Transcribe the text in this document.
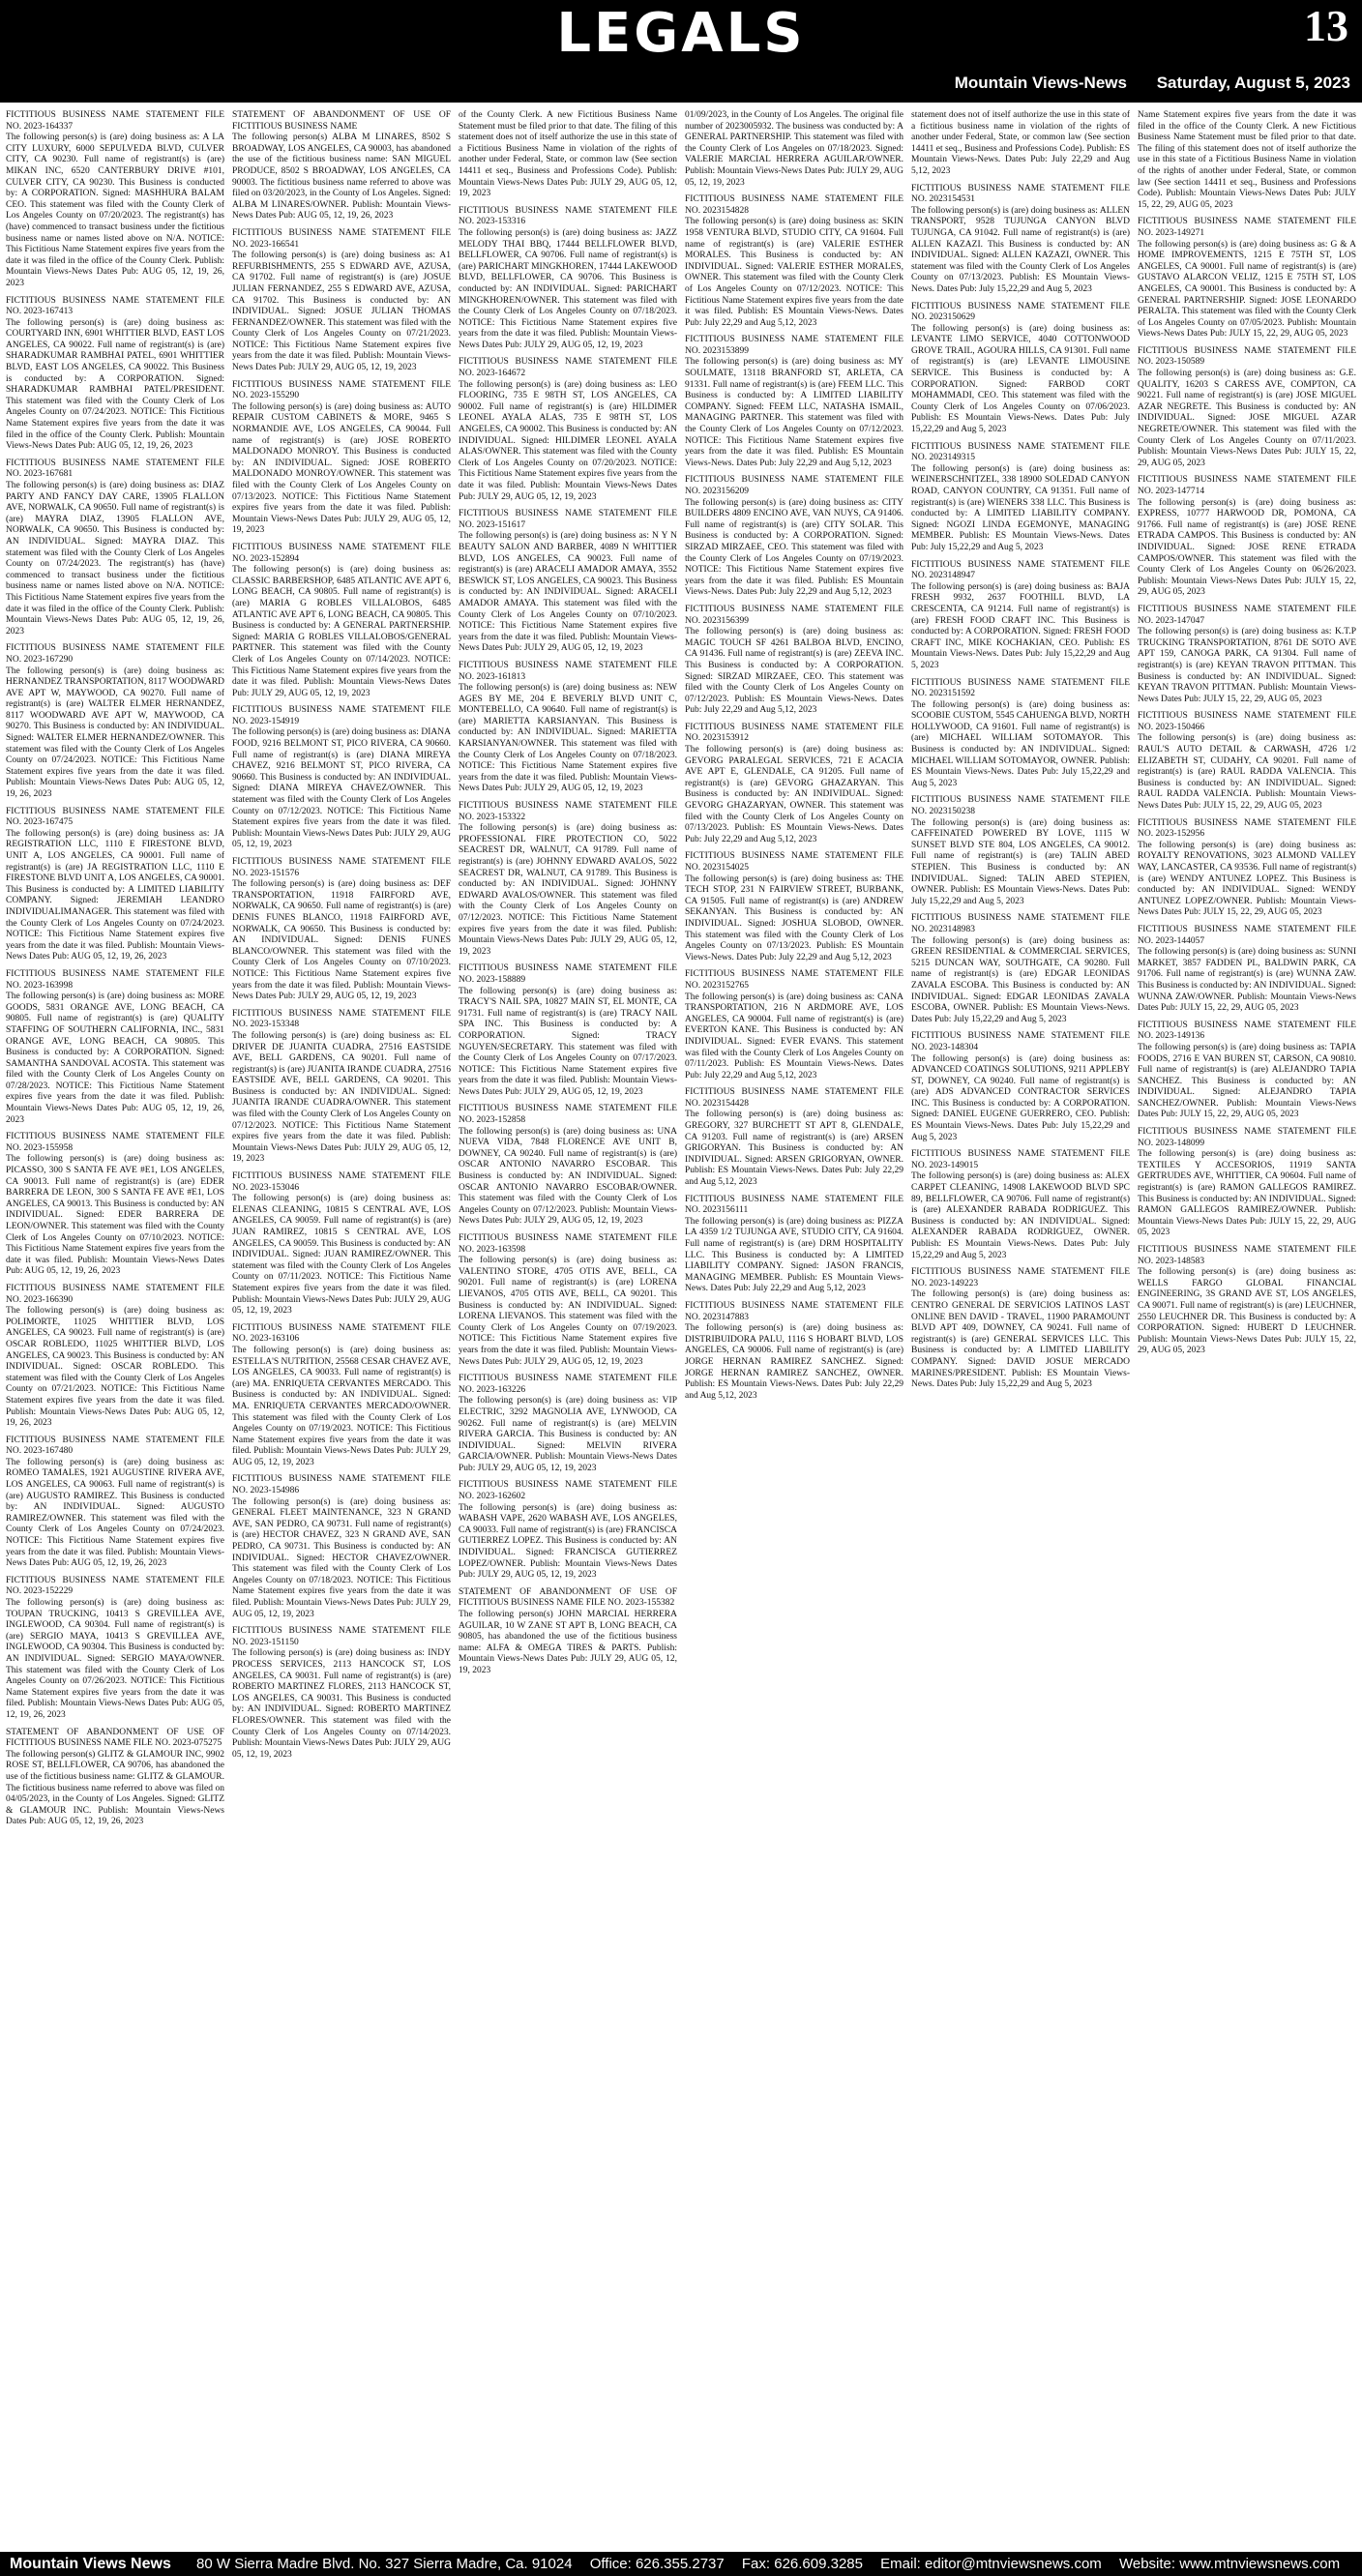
LEGALS	13
Mountain Views-News Saturday, August 5, 2023
FICTITIOUS BUSINESS NAME STATEMENT FILE NO. 2023-164337
The following person(s) is (are) doing business as: A LA CITY LUXURY, 6000 SEPULVEDA BLVD, CULVER CITY, CA 90230. Full name of registrant(s) is (are) MIKAN INC, 6520 CANTERBURY DRIVE #101, CULVER CITY, CA 90230. This Business is conducted by: A CORPORATION. Signed: MASHHURA BALAM CEO. This statement was filed with the County Clerk of Los Angeles County on 07/20/2023. The registrant(s) has (have) commenced to transact business under the fictitious business name or names listed above on N/A. NOTICE: This Fictitious Name Statement expires five years from the date it was filed in the office of the County Clerk. Publish: Mountain Views-News Dates Pub: AUG 05, 12, 19, 26, 2023
FICTITIOUS BUSINESS NAME STATEMENT FILE NO. 2023-167413
The following person(s) is (are) doing business as: COURTYARD INN, 6901 WHITTIER BLVD, EAST LOS ANGELES, CA 90022. Full name of registrant(s) is (are) SHARADKUMAR RAMBHAI PATEL, 6901 WHITTIER BLVD, EAST LOS ANGELES, CA 90022. This Business is conducted by: A CORPORATION. Signed: SHARADKUMAR RAMBHAI PATEL/PRESIDENT. This statement was filed with the County Clerk of Los Angeles County on 07/24/2023. NOTICE: This Fictitious Name Statement expires five years from the date it was filed in the office of the County Clerk. Publish: Mountain Views-News Dates Pub: AUG 05, 12, 19, 26, 2023
FICTITIOUS BUSINESS NAME STATEMENT FILE NO. 2023-167681
The following person(s) is (are) doing business as: DIAZ PARTY AND FANCY DAY CARE, 13905 FLALLON AVE, NORWALK, CA 90650. Full name of registrant(s) is (are) MAYRA DIAZ, 13905 FLALLON AVE, NORWALK, CA 90650. This Business is conducted by: AN INDIVIDUAL. Signed: MAYRA DIAZ. This statement was filed with the County Clerk of Los Angeles County on 07/24/2023. The registrant(s) has (have) commenced to transact business under the fictitious business name or names listed above on N/A. NOTICE: This Fictitious Name Statement expires five years from the date it was filed in the office of the County Clerk. Publish: Mountain Views-News Dates Pub: AUG 05, 12, 19, 26, 2023
FICTITIOUS BUSINESS NAME STATEMENT FILE NO. 2023-167290
The following person(s) is (are) doing business as: HERNANDEZ TRANSPORTATION, 8117 WOODWARD AVE APT W, MAYWOOD, CA 90270. Full name of registrant(s) is (are) WALTER ELMER HERNANDEZ, 8117 WOODWARD AVE APT W, MAYWOOD, CA 90270. This Business is conducted by: AN INDIVIDUAL. Signed: WALTER ELMER HERNANDEZ/OWNER. This statement was filed with the County Clerk of Los Angeles County on 07/24/2023. NOTICE: This Fictitious Name Statement expires five years from the date it was filed. Publish: Mountain Views-News Dates Pub: AUG 05, 12, 19, 26, 2023
FICTITIOUS BUSINESS NAME STATEMENT FILE NO. 2023-167475
The following person(s) is (are) doing business as: JA REGISTRATION LLC, 1110 E FIRESTONE BLVD, UNIT A, LOS ANGELES, CA 90001. Full name of registrant(s) is (are) JA REGISTRATION LLC, 1110 E FIRESTONE BLVD UNIT A, LOS ANGELES, CA 90001. This Business is conducted by: A LIMITED LIABILITY COMPANY. Signed: JEREMIAH LEANDRO INDIVIDUALIMANAGER. This statement was filed with the County Clerk of Los Angeles County on 07/24/2023. NOTICE: This Fictitious Name Statement expires five years from the date it was filed. Publish: Mountain Views-News Dates Pub: AUG 05, 12, 19, 26, 2023
FICTITIOUS BUSINESS NAME STATEMENT FILE NO. 2023-163998
The following person(s) is (are) doing business as: MORE GOODS, 5831 ORANGE AVE, LONG BEACH, CA 90805. Full name of registrant(s) is (are) QUALITY STAFFING OF SOUTHERN CALIFORNIA, INC., 5831 ORANGE AVE, LONG BEACH, CA 90805. This Business is conducted by: A CORPORATION. Signed: SAMANTHA SANDOVAL ACOSTA. This statement was filed with the County Clerk of Los Angeles County on 07/28/2023. NOTICE: This Fictitious Name Statement expires five years from the date it was filed. Publish: Mountain Views-News Dates Pub: AUG 05, 12, 19, 26, 2023
FICTITIOUS BUSINESS NAME STATEMENT FILE NO. 2023-155958
The following person(s) is (are) doing business as: PICASSO, 300 S SANTA FE AVE #E1, LOS ANGELES, CA 90013. Full name of registrant(s) is (are) EDER BARRERA DE LEON, 300 S SANTA FE AVE #E1, LOS ANGELES, CA 90013. This Business is conducted by: AN INDIVIDUAL. Signed: EDER BARRERA DE LEON/OWNER. This statement was filed with the County Clerk of Los Angeles County on 07/10/2023. NOTICE: This Fictitious Name Statement expires five years from the date it was filed. Publish: Mountain Views-News Dates Pub: AUG 05, 12, 19, 26, 2023
FICTITIOUS BUSINESS NAME STATEMENT FILE NO. 2023-166390
The following person(s) is (are) doing business as: POLIMORTE, 11025 WHITTIER BLVD, LOS ANGELES, CA 90023. Full name of registrant(s) is (are) OSCAR ROBLEDO, 11025 WHITTIER BLVD, LOS ANGELES, CA 90023. This Business is conducted by: AN INDIVIDUAL. Signed: OSCAR ROBLEDO. This statement was filed with the County Clerk of Los Angeles County on 07/21/2023. NOTICE: This Fictitious Name Statement expires five years from the date it was filed. Publish: Mountain Views-News Dates Pub: AUG 05, 12, 19, 26, 2023
FICTITIOUS BUSINESS NAME STATEMENT FILE NO. 2023-167480
The following person(s) is (are) doing business as: ROMEO TAMALES, 1921 AUGUSTINE RIVERA AVE, LOS ANGELES, CA 90063. Full name of registrant(s) is (are) AUGUSTO RAMIREZ. This Business is conducted by: AN INDIVIDUAL. Signed: AUGUSTO RAMIREZ/OWNER. This statement was filed with the County Clerk of Los Angeles County on 07/24/2023. NOTICE: This Fictitious Name Statement expires five years from the date it was filed. Publish: Mountain Views-News Dates Pub: AUG 05, 12, 19, 26, 2023
FICTITIOUS BUSINESS NAME STATEMENT FILE NO. 2023-152229
The following person(s) is (are) doing business as: TOUPAN TRUCKING, 10413 S GREVILLEA AVE, INGLEWOOD, CA 90304. Full name of registrant(s) is (are) SERGIO MAYA, 10413 S GREVILLEA AVE, INGLEWOOD, CA 90304. This Business is conducted by: AN INDIVIDUAL. Signed: SERGIO MAYA/OWNER. This statement was filed with the County Clerk of Los Angeles County on 07/26/2023. NOTICE: This Fictitious Name Statement expires five years from the date it was filed. Publish: Mountain Views-News Dates Pub: AUG 05, 12, 19, 26, 2023
STATEMENT OF ABANDONMENT OF USE OF FICTITIOUS BUSINESS NAME FILE NO. 2023-075275
The following person(s) GLITZ & GLAMOUR INC, 9902 ROSE ST, BELLFLOWER, CA 90706, has abandoned the use of the fictitious business name: GLITZ & GLAMOUR. The fictitious business name referred to above was filed on 04/05/2023, in the County of Los Angeles. Signed: GLITZ & GLAMOUR INC. Publish: Mountain Views-News Dates Pub: AUG 05, 12, 19, 26, 2023
STATEMENT OF ABANDONMENT OF USE OF FICTITIOUS BUSINESS NAME
The following person(s) ALBA M LINARES, 8502 S BROADWAY, LOS ANGELES, CA 90003, has abandoned the use of the fictitious business name: SAN MIGUEL PRODUCE, 8502 S BROADWAY, LOS ANGELES, CA 90003. The fictitious business name referred to above was filed on 03/20/2023, in the County of Los Angeles. Signed: ALBA M LINARES/OWNER. Publish: Mountain Views-News Dates Pub: AUG 05, 12, 19, 26, 2023
FICTITIOUS BUSINESS NAME STATEMENT FILE NO. 2023-166541
The following person(s) is (are) doing business as: A1 REFURBISHMENTS, 255 S EDWARD AVE, AZUSA, CA 91702. Full name of registrant(s) is (are) JOSUE JULIAN FERNANDEZ, 255 S EDWARD AVE, AZUSA, CA 91702. This Business is conducted by: AN INDIVIDUAL. Signed: JOSUE JULIAN THOMAS FERNANDEZ/OWNER. This statement was filed with the County Clerk of Los Angeles County on 07/21/2023. NOTICE: This Fictitious Name Statement expires five years from the date it was filed. Publish: Mountain Views-News Dates Pub: JULY 29, AUG 05, 12, 19, 2023
FICTITIOUS BUSINESS NAME STATEMENT FILE NO. 2023-155290
The following person(s) is (are) doing business as: AUTO REPAIR CUSTOM CABINETS & MORE, 9465 S NORMANDIE AVE, LOS ANGELES, CA 90044. Full name of registrant(s) is (are) JOSE ROBERTO MALDONADO MONROY. This Business is conducted by: AN INDIVIDUAL. Signed: JOSE ROBERTO MALDONADO MONROY/OWNER. This statement was filed with the County Clerk of Los Angeles County on 07/13/2023. NOTICE: This Fictitious Name Statement expires five years from the date it was filed. Publish: Mountain Views-News Dates Pub: JULY 29, AUG 05, 12, 19, 2023
FICTITIOUS BUSINESS NAME STATEMENT FILE NO. 2023-152894
The following person(s) is (are) doing business as: CLASSIC BARBERSHOP, 6485 ATLANTIC AVE APT 6, LONG BEACH, CA 90805. Full name of registrant(s) is (are) MARIA G ROBLES VILLALOBOS, 6485 ATLANTIC AVE APT 6, LONG BEACH, CA 90805. This Business is conducted by: A GENERAL PARTNERSHIP. Signed: MARIA G ROBLES VILLALOBOS/GENERAL PARTNER. This statement was filed with the County Clerk of Los Angeles County on 07/14/2023. NOTICE: This Fictitious Name Statement expires five years from the date it was filed. Publish: Mountain Views-News Dates Pub: JULY 29, AUG 05, 12, 19, 2023
FICTITIOUS BUSINESS NAME STATEMENT FILE NO. 2023-154919
The following person(s) is (are) doing business as: DIANA FOOD, 9216 BELMONT ST, PICO RIVERA, CA 90660. Full name of registrant(s) is (are) DIANA MIREYA CHAVEZ, 9216 BELMONT ST, PICO RIVERA, CA 90660. This Business is conducted by: AN INDIVIDUAL. Signed: DIANA MIREYA CHAVEZ/OWNER. This statement was filed with the County Clerk of Los Angeles County on 07/12/2023. NOTICE: This Fictitious Name Statement expires five years from the date it was filed. Publish: Mountain Views-News Dates Pub: JULY 29, AUG 05, 12, 19, 2023
FICTITIOUS BUSINESS NAME STATEMENT FILE NO. 2023-151576
The following person(s) is (are) doing business as: DEF TRANSPORTATION, 11918 FAIRFORD AVE, NORWALK, CA 90650. Full name of registrant(s) is (are) DENIS FUNES BLANCO, 11918 FAIRFORD AVE, NORWALK, CA 90650. This Business is conducted by: AN INDIVIDUAL. Signed: DENIS FUNES BLANCO/OWNER. This statement was filed with the County Clerk of Los Angeles County on 07/10/2023. NOTICE: This Fictitious Name Statement expires five years from the date it was filed. Publish: Mountain Views-News Dates Pub: JULY 29, AUG 05, 12, 19, 2023
FICTITIOUS BUSINESS NAME STATEMENT FILE NO. 2023-153348
The following person(s) is (are) doing business as: EL DRIVER DE JUANITA CUADRA, 27516 EASTSIDE AVE, BELL GARDENS, CA 90201. Full name of registrant(s) is (are) JUANITA IRANDE CUADRA, 27516 EASTSIDE AVE, BELL GARDENS, CA 90201. This Business is conducted by: AN INDIVIDUAL. Signed: JUANITA IRANDE CUADRA/OWNER. This statement was filed with the County Clerk of Los Angeles County on 07/12/2023. NOTICE: This Fictitious Name Statement expires five years from the date it was filed. Publish: Mountain Views-News Dates Pub: JULY 29, AUG 05, 12, 19, 2023
FICTITIOUS BUSINESS NAME STATEMENT FILE NO. 2023-153046
The following person(s) is (are) doing business as: ELENAS CLEANING, 10815 S CENTRAL AVE, LOS ANGELES, CA 90059. Full name of registrant(s) is (are) JUAN RAMIREZ, 10815 S CENTRAL AVE, LOS ANGELES, CA 90059. This Business is conducted by: AN INDIVIDUAL. Signed: JUAN RAMIREZ/OWNER. This statement was filed with the County Clerk of Los Angeles County on 07/11/2023. NOTICE: This Fictitious Name Statement expires five years from the date it was filed. Publish: Mountain Views-News Dates Pub: JULY 29, AUG 05, 12, 19, 2023
FICTITIOUS BUSINESS NAME STATEMENT FILE NO. 2023-163106
The following person(s) is (are) doing business as: ESTELLA'S NUTRITION, 25568 CESAR CHAVEZ AVE, LOS ANGELES, CA 90033. Full name of registrant(s) is (are) MA. ENRIQUETA CERVANTES MERCADO. This Business is conducted by: AN INDIVIDUAL. Signed: MA. ENRIQUETA CERVANTES MERCADO/OWNER. This statement was filed with the County Clerk of Los Angeles County on 07/19/2023. NOTICE: This Fictitious Name Statement expires five years from the date it was filed. Publish: Mountain Views-News Dates Pub: JULY 29, AUG 05, 12, 19, 2023
FICTITIOUS BUSINESS NAME STATEMENT FILE NO. 2023-154986
The following person(s) is (are) doing business as: GENERAL FLEET MAINTENANCE, 323 N GRAND AVE, SAN PEDRO, CA 90731. Full name of registrant(s) is (are) HECTOR CHAVEZ, 323 N GRAND AVE, SAN PEDRO, CA 90731. This Business is conducted by: AN INDIVIDUAL. Signed: HECTOR CHAVEZ/OWNER. This statement was filed with the County Clerk of Los Angeles County on 07/18/2023. NOTICE: This Fictitious Name Statement expires five years from the date it was filed. Publish: Mountain Views-News Dates Pub: JULY 29, AUG 05, 12, 19, 2023
FICTITIOUS BUSINESS NAME STATEMENT FILE NO. 2023-151150
The following person(s) is (are) doing business as: INDY PROCESS SERVICES, 2113 HANCOCK ST, LOS ANGELES, CA 90031. Full name of registrant(s) is (are) ROBERTO MARTINEZ FLORES, 2113 HANCOCK ST, LOS ANGELES, CA 90031. This Business is conducted by: AN INDIVIDUAL. Signed: ROBERTO MARTINEZ FLORES/OWNER. This statement was filed with the County Clerk of Los Angeles County on 07/14/2023. Publish: Mountain Views-News Dates Pub: JULY 29, AUG 05, 12, 19, 2023
of the County Clerk. A new Fictitious Business Name Statement must be filed prior to that date. The filing of this statement does not of itself authorize the use in this state of a Fictitious Business Name in violation of the rights of another under Federal, State, or common law (See section 14411 et seq., Business and Professions Code). Publish: Mountain Views-News Dates Pub: JULY 29, AUG 05, 12, 19, 2023
FICTITIOUS BUSINESS NAME STATEMENT FILE NO. 2023-153316
The following person(s) is (are) doing business as: JAZZ MELODY THAI BBQ, 17444 BELLFLOWER BLVD, BELLFLOWER, CA 90706. Full name of registrant(s) is (are) PARICHART MINGKHOREN, 17444 LAKEWOOD BLVD, BELLFLOWER, CA 90706. This Business is conducted by: AN INDIVIDUAL. Signed: PARICHART MINGKHOREN/OWNER. This statement was filed with the County Clerk of Los Angeles County on 07/18/2023. NOTICE: This Fictitious Name Statement expires five years from the date it was filed. Publish: Mountain Views-News Dates Pub: JULY 29, AUG 05, 12, 19, 2023
FICTITIOUS BUSINESS NAME STATEMENT FILE NO. 2023-164672
The following person(s) is (are) doing business as: LEO FLOORING, 735 E 98TH ST, LOS ANGELES, CA 90002. Full name of registrant(s) is (are) HILDIMER LEONEL AYALA ALAS, 735 E 98TH ST, LOS ANGELES, CA 90002. This Business is conducted by: AN INDIVIDUAL. Signed: HILDIMER LEONEL AYALA ALAS/OWNER. This statement was filed with the County Clerk of Los Angeles County on 07/20/2023. NOTICE: This Fictitious Name Statement expires five years from the date it was filed. Publish: Mountain Views-News Dates Pub: JULY 29, AUG 05, 12, 19, 2023
FICTITIOUS BUSINESS NAME STATEMENT FILE NO. 2023-151617
The following person(s) is (are) doing business as: N Y N BEAUTY SALON AND BARBER, 4089 N WHITTIER BLVD, LOS ANGELES, CA 90023. Full name of registrant(s) is (are) ARACELI AMADOR AMAYA, 3552 BESWICK ST, LOS ANGELES, CA 90023. This Business is conducted by: AN INDIVIDUAL. Signed: ARACELI AMADOR AMAYA. This statement was filed with the County Clerk of Los Angeles County on 07/10/2023. NOTICE: This Fictitious Name Statement expires five years from the date it was filed. Publish: Mountain Views-News Dates Pub: JULY 29, AUG 05, 12, 19, 2023
FICTITIOUS BUSINESS NAME STATEMENT FILE NO. 2023-161813
The following person(s) is (are) doing business as: NEW AGES BY ME, 204 E BEVERLY BLVD UNIT C, MONTEBELLO, CA 90640. Full name of registrant(s) is (are) MARIETTA KARSIANYAN. This Business is conducted by: AN INDIVIDUAL. Signed: MARIETTA KARSIANYAN/OWNER. This statement was filed with the County Clerk of Los Angeles County on 07/18/2023. NOTICE: This Fictitious Name Statement expires five years from the date it was filed. Publish: Mountain Views-News Dates Pub: JULY 29, AUG 05, 12, 19, 2023
FICTITIOUS BUSINESS NAME STATEMENT FILE NO. 2023-153322
The following person(s) is (are) doing business as: PROFESSIONAL FIRE PROTECTION CO, 5022 SEACREST DR, WALNUT, CA 91789. Full name of registrant(s) is (are) JOHNNY EDWARD AVALOS, 5022 SEACREST DR, WALNUT, CA 91789. This Business is conducted by: AN INDIVIDUAL. Signed: JOHNNY EDWARD AVALOS/OWNER. This statement was filed with the County Clerk of Los Angeles County on 07/12/2023. NOTICE: This Fictitious Name Statement expires five years from the date it was filed. Publish: Mountain Views-News Dates Pub: JULY 29, AUG 05, 12, 19, 2023
FICTITIOUS BUSINESS NAME STATEMENT FILE NO. 2023-158889
The following person(s) is (are) doing business as: TRACY'S NAIL SPA, 10827 MAIN ST, EL MONTE, CA 91731. Full name of registrant(s) is (are) TRACY NAIL SPA INC. This Business is conducted by: A CORPORATION. Signed: TRACY NGUYEN/SECRETARY. This statement was filed with the County Clerk of Los Angeles County on 07/17/2023. NOTICE: This Fictitious Name Statement expires five years from the date it was filed. Publish: Mountain Views-News Dates Pub: JULY 29, AUG 05, 12, 19, 2023
FICTITIOUS BUSINESS NAME STATEMENT FILE NO. 2023-152858
The following person(s) is (are) doing business as: UNA NUEVA VIDA, 7848 FLORENCE AVE UNIT B, DOWNEY, CA 90240. Full name of registrant(s) is (are) OSCAR ANTONIO NAVARRO ESCOBAR. This Business is conducted by: AN INDIVIDUAL. Signed: OSCAR ANTONIO NAVARRO ESCOBAR/OWNER. This statement was filed with the County Clerk of Los Angeles County on 07/12/2023. Publish: Mountain Views-News Dates Pub: JULY 29, AUG 05, 12, 19, 2023
FICTITIOUS BUSINESS NAME STATEMENT FILE NO. 2023-163598
The following person(s) is (are) doing business as: VALENTINO STORE, 4705 OTIS AVE, BELL, CA 90201. Full name of registrant(s) is (are) LORENA LIEVANOS, 4705 OTIS AVE, BELL, CA 90201. This Business is conducted by: AN INDIVIDUAL. Signed: LORENA LIEVANOS. This statement was filed with the County Clerk of Los Angeles County on 07/19/2023. NOTICE: This Fictitious Name Statement expires five years from the date it was filed. Publish: Mountain Views-News Dates Pub: JULY 29, AUG 05, 12, 19, 2023
FICTITIOUS BUSINESS NAME STATEMENT FILE NO. 2023-163226
The following person(s) is (are) doing business as: VIP ELECTRIC, 3292 MAGNOLIA AVE, LYNWOOD, CA 90262. Full name of registrant(s) is (are) MELVIN RIVERA GARCIA. This Business is conducted by: AN INDIVIDUAL. Signed: MELVIN RIVERA GARCIA/OWNER. Publish: Mountain Views-News Dates Pub: JULY 29, AUG 05, 12, 19, 2023
FICTITIOUS BUSINESS NAME STATEMENT FILE NO. 2023-162602
The following person(s) is (are) doing business as: WABASH VAPE, 2620 WABASH AVE, LOS ANGELES, CA 90033. Full name of registrant(s) is (are) FRANCISCA GUTIERREZ LOPEZ. This Business is conducted by: AN INDIVIDUAL. Signed: FRANCISCA GUTIERREZ LOPEZ/OWNER. Publish: Mountain Views-News Dates Pub: JULY 29, AUG 05, 12, 19, 2023
STATEMENT OF ABANDONMENT OF USE OF FICTITIOUS BUSINESS NAME FILE NO. 2023-155382
The following person(s) JOHN MARCIAL HERRERA AGUILAR, 10 W ZANE ST APT B, LONG BEACH, CA 90805, has abandoned the use of the fictitious business name: ALFA & OMEGA TIRES & PARTS. Publish: Mountain Views-News Dates Pub: JULY 29, AUG 05, 12, 19, 2023
01/09/2023, in the County of Los Angeles. The original file number of 2023005932. The business was conducted by: A GENERAL PARTNERSHIP. This statement was filed with the County Clerk of Los Angeles on 07/18/2023. Signed: VALERIE MARCIAL HERRERA AGUILAR/OWNER. Publish: Mountain Views-News Dates Pub: JULY 29, AUG 05, 12, 19, 2023
FICTITIOUS BUSINESS NAME STATEMENT FILE NO. 2023154828
The following person(s) is (are) doing business as: SKIN 1958 VENTURA BLVD, STUDIO CITY, CA 91604. Full name of registrant(s) is (are) VALERIE ESTHER MORALES. This Business is conducted by: AN INDIVIDUAL. Signed: VALERIE ESTHER MORALES, OWNER. This statement was filed with the County Clerk of Los Angeles County on 07/12/2023. NOTICE: This Fictitious Name Statement expires five years from the date it was filed. Publish: ES Mountain Views-News. Dates Pub: July 22,29 and Aug 5,12, 2023
FICTITIOUS BUSINESS NAME STATEMENT FILE NO. 2023153899
The following person(s) is (are) doing business as: MY SOULMATE, 13118 BRANFORD ST, ARLETA, CA 91331. Full name of registrant(s) is (are) FEEM LLC. This Business is conducted by: A LIMITED LIABILITY COMPANY. Signed: FEEM LLC, NATASHA ISMAIL, MANAGING PARTNER. This statement was filed with the County Clerk of Los Angeles County on 07/12/2023. NOTICE: This Fictitious Name Statement expires five years from the date it was filed. Publish: ES Mountain Views-News. Dates Pub: July 22,29 and Aug 5,12, 2023
FICTITIOUS BUSINESS NAME STATEMENT FILE NO. 2023156209
The following person(s) is (are) doing business as: CITY BUILDERS 4809 ENCINO AVE, VAN NUYS, CA 91406. Full name of registrant(s) is (are) CITY SOLAR. This Business is conducted by: A CORPORATION. Signed: SIRZAD MIRZAEE, CEO. This statement was filed with the County Clerk of Los Angeles County on 07/19/2023. NOTICE: This Fictitious Name Statement expires five years from the date it was filed. Publish: ES Mountain Views-News. Dates Pub: July 22,29 and Aug 5,12, 2023
FICTITIOUS BUSINESS NAME STATEMENT FILE NO. 2023156399
The following person(s) is (are) doing business as: MAGIC TOUCH SF 4261 BALBOA BLVD, ENCINO, CA 91436. Full name of registrant(s) is (are) ZEEVA INC. This Business is conducted by: A CORPORATION. Signed: SIRZAD MIRZAEE, CEO. This statement was filed with the County Clerk of Los Angeles County on 07/12/2023. Publish: ES Mountain Views-News. Dates Pub: July 22,29 and Aug 5,12, 2023
FICTITIOUS BUSINESS NAME STATEMENT FILE NO. 2023153912
The following person(s) is (are) doing business as: GEVORG PARALEGAL SERVICES, 721 E ACACIA AVE APT E, GLENDALE, CA 91205. Full name of registrant(s) is (are) GEVORG GHAZARYAN. This Business is conducted by: AN INDIVIDUAL. Signed: GEVORG GHAZARYAN, OWNER. This statement was filed with the County Clerk of Los Angeles County on 07/13/2023. Publish: ES Mountain Views-News. Dates Pub: July 22,29 and Aug 5,12, 2023
FICTITIOUS BUSINESS NAME STATEMENT FILE NO. 2023154025
The following person(s) is (are) doing business as: THE TECH STOP, 231 N FAIRVIEW STREET, BURBANK, CA 91505. Full name of registrant(s) is (are) ANDREW SEKANYAN. This Business is conducted by: AN INDIVIDUAL. Signed: JOSHUA SLOBOD, OWNER. This statement was filed with the County Clerk of Los Angeles County on 07/13/2023. Publish: ES Mountain Views-News. Dates Pub: July 22,29 and Aug 5,12, 2023
FICTITIOUS BUSINESS NAME STATEMENT FILE NO. 2023152765
The following person(s) is (are) doing business as: CANA TRANSPORTATION, 216 N ARDMORE AVE, LOS ANGELES, CA 90004. Full name of registrant(s) is (are) EVERTON KANE. This Business is conducted by: AN INDIVIDUAL. Signed: EVER EVANS. This statement was filed with the County Clerk of Los Angeles County on 07/11/2023. Publish: ES Mountain Views-News. Dates Pub: July 22,29 and Aug 5,12, 2023
FICTITIOUS BUSINESS NAME STATEMENT FILE NO. 2023154428
The following person(s) is (are) doing business as: GREGORY, 327 BURCHETT ST APT 8, GLENDALE, CA 91203. Full name of registrant(s) is (are) ARSEN GRIGORYAN. This Business is conducted by: AN INDIVIDUAL. Signed: ARSEN GRIGORYAN, OWNER. Publish: ES Mountain Views-News. Dates Pub: July 22,29 and Aug 5,12, 2023
FICTITIOUS BUSINESS NAME STATEMENT FILE NO. 2023156111
The following person(s) is (are) doing business as: PIZZA LA 4359 1/2 TUJUNGA AVE, STUDIO CITY, CA 91604. Full name of registrant(s) is (are) DRM HOSPITALITY LLC. This Business is conducted by: A LIMITED LIABILITY COMPANY. Signed: JASON FRANCIS, MANAGING MEMBER. Publish: ES Mountain Views-News. Dates Pub: July 22,29 and Aug 5,12, 2023
FICTITIOUS BUSINESS NAME STATEMENT FILE NO. 2023147883
The following person(s) is (are) doing business as: DISTRIBUIDORA PALU, 1116 S HOBART BLVD, LOS ANGELES, CA 90006. Full name of registrant(s) is (are) JORGE HERNAN RAMIREZ SANCHEZ. Signed: JORGE HERNAN RAMIREZ SANCHEZ, OWNER. Publish: ES Mountain Views-News. Dates Pub: July 22,29 and Aug 5,12, 2023
statement does not of itself authorize the use in this state of a fictitious business name in violation of the rights of another under Federal, State, or common law (See section 14411 et seq., Business and Professions Code). Publish: ES Mountain Views-News. Dates Pub: July 22,29 and Aug 5,12, 2023
FICTITIOUS BUSINESS NAME STATEMENT FILE NO. 2023154531
The following person(s) is (are) doing business as: ALLEN TRANSPORT, 9528 TUJUNGA CANYON BLVD TUJUNGA, CA 91042. Full name of registrant(s) is (are) ALLEN KAZAZI. This Business is conducted by: AN INDIVIDUAL. Signed: ALLEN KAZAZI, OWNER. This statement was filed with the County Clerk of Los Angeles County on 07/13/2023. Publish: ES Mountain Views-News. Dates Pub: July 15,22,29 and Aug 5, 2023
FICTITIOUS BUSINESS NAME STATEMENT FILE NO. 2023150629
The following person(s) is (are) doing business as: LEVANTE LIMO SERVICE, 4040 COTTONWOOD GROVE TRAIL, AGOURA HILLS, CA 91301. Full name of registrant(s) is (are) LEVANTE LIMOUSINE SERVICE. This Business is conducted by: A CORPORATION. Signed: FARBOD CORT MOHAMMADI, CEO. This statement was filed with the County Clerk of Los Angeles County on 07/06/2023. Publish: ES Mountain Views-News. Dates Pub: July 15,22,29 and Aug 5, 2023
FICTITIOUS BUSINESS NAME STATEMENT FILE NO. 2023149315
The following person(s) is (are) doing business as: WEINERSCHNITZEL, 338 18900 SOLEDAD CANYON ROAD, CANYON COUNTRY, CA 91351. Full name of registrant(s) is (are) WIENERS 338 LLC. This Business is conducted by: A LIMITED LIABILITY COMPANY. Signed: NGOZI LINDA EGEMONYE, MANAGING MEMBER. Publish: ES Mountain Views-News. Dates Pub: July 15,22,29 and Aug 5, 2023
FICTITIOUS BUSINESS NAME STATEMENT FILE NO. 2023148947
The following person(s) is (are) doing business as: BAJA FRESH 9932, 2637 FOOTHILL BLVD, LA CRESCENTA, CA 91214. Full name of registrant(s) is (are) FRESH FOOD CRAFT INC. This Business is conducted by: A CORPORATION. Signed: FRESH FOOD CRAFT INC, MIKE KOCHAKIAN, CEO. Publish: ES Mountain Views-News. Dates Pub: July 15,22,29 and Aug 5, 2023
FICTITIOUS BUSINESS NAME STATEMENT FILE NO. 2023151592
The following person(s) is (are) doing business as: SCOOBIE CUSTOM, 5545 CAHUENGA BLVD, NORTH HOLLYWOOD, CA 91601. Full name of registrant(s) is (are) MICHAEL WILLIAM SOTOMAYOR. This Business is conducted by: AN INDIVIDUAL. Signed: MICHAEL WILLIAM SOTOMAYOR, OWNER. Publish: ES Mountain Views-News. Dates Pub: July 15,22,29 and Aug 5, 2023
FICTITIOUS BUSINESS NAME STATEMENT FILE NO. 2023150238
The following person(s) is (are) doing business as: CAFFEINATED POWERED BY LOVE, 1115 W SUNSET BLVD STE 804, LOS ANGELES, CA 90012. Full name of registrant(s) is (are) TALIN ABED STEPIEN. This Business is conducted by: AN INDIVIDUAL. Signed: TALIN ABED STEPIEN, OWNER. Publish: ES Mountain Views-News. Dates Pub: July 15,22,29 and Aug 5, 2023
FICTITIOUS BUSINESS NAME STATEMENT FILE NO. 2023148983
The following person(s) is (are) doing business as: GREEN RESIDENTIAL & COMMERCIAL SERVICES, 5215 DUNCAN WAY, SOUTHGATE, CA 90280. Full name of registrant(s) is (are) EDGAR LEONIDAS ZAVALA ESCOBA. This Business is conducted by: AN INDIVIDUAL. Signed: EDGAR LEONIDAS ZAVALA ESCOBA, OWNER. Publish: ES Mountain Views-News. Dates Pub: July 15,22,29 and Aug 5, 2023
FICTITIOUS BUSINESS NAME STATEMENT FILE NO. 2023-148304
The following person(s) is (are) doing business as: ADVANCED COATINGS SOLUTIONS, 9211 APPLEBY ST, DOWNEY, CA 90240. Full name of registrant(s) is (are) ADS ADVANCED CONTRACTOR SERVICES INC. This Business is conducted by: A CORPORATION. Signed: DANIEL EUGENE GUERRERO, CEO. Publish: ES Mountain Views-News. Dates Pub: July 15,22,29 and Aug 5, 2023
FICTITIOUS BUSINESS NAME STATEMENT FILE NO. 2023-149015
The following person(s) is (are) doing business as: ALEX CARPET CLEANING, 14908 LAKEWOOD BLVD SPC 89, BELLFLOWER, CA 90706. Full name of registrant(s) is (are) ALEXANDER RABADA RODRIGUEZ. This Business is conducted by: AN INDIVIDUAL. Signed: ALEXANDER RABADA RODRIGUEZ, OWNER. Publish: ES Mountain Views-News. Dates Pub: July 15,22,29 and Aug 5, 2023
FICTITIOUS BUSINESS NAME STATEMENT FILE NO. 2023-149223
The following person(s) is (are) doing business as: CENTRO GENERAL DE SERVICIOS LATINOS LAST ONLINE BEN DAVID - TRAVEL, 11900 PARAMOUNT BLVD APT 409, DOWNEY, CA 90241. Full name of registrant(s) is (are) GENERAL SERVICES LLC. This Business is conducted by: A LIMITED LIABILITY COMPANY. Signed: DAVID JOSUE MERCADO MARINES/PRESIDENT. Publish: ES Mountain Views-News. Dates Pub: July 15,22,29 and Aug 5, 2023
Name Statement expires five years from the date it was filed in the office of the County Clerk. A new Fictitious Business Name Statement must be filed prior to that date. The filing of this statement does not of itself authorize the use in this state of a Fictitious Business Name in violation of the rights of another under Federal, State, or common law (See section 14411 et seq., Business and Professions Code). Publish: Mountain Views-News Dates Pub: JULY 15, 22, 29, AUG 05, 2023
FICTITIOUS BUSINESS NAME STATEMENT FILE NO. 2023-149271
The following person(s) is (are) doing business as: G & A HOME IMPROVEMENTS, 1215 E 75TH ST, LOS ANGELES, CA 90001. Full name of registrant(s) is (are) GUSTAVO ALARCON VELIZ, 1215 E 75TH ST, LOS ANGELES, CA 90001. This Business is conducted by: A GENERAL PARTNERSHIP. Signed: JOSE LEONARDO PERALTA. This statement was filed with the County Clerk of Los Angeles County on 07/05/2023. Publish: Mountain Views-News Dates Pub: JULY 15, 22, 29, AUG 05, 2023
FICTITIOUS BUSINESS NAME STATEMENT FILE NO. 2023-150589
The following person(s) is (are) doing business as: G.E. QUALITY, 16203 S CARESS AVE, COMPTON, CA 90221. Full name of registrant(s) is (are) JOSE MIGUEL AZAR NEGRETE. This Business is conducted by: AN INDIVIDUAL. Signed: JOSE MIGUEL AZAR NEGRETE/OWNER. This statement was filed with the County Clerk of Los Angeles County on 07/11/2023. Publish: Mountain Views-News Dates Pub: JULY 15, 22, 29, AUG 05, 2023
FICTITIOUS BUSINESS NAME STATEMENT FILE NO. 2023-147714
The following person(s) is (are) doing business as: EXPRESS, 10777 HARWOOD DR, POMONA, CA 91766. Full name of registrant(s) is (are) JOSE RENE ETRADA CAMPOS. This Business is conducted by: AN INDIVIDUAL. Signed: JOSE RENE ETRADA CAMPOS/OWNER. This statement was filed with the County Clerk of Los Angeles County on 06/26/2023. Publish: Mountain Views-News Dates Pub: JULY 15, 22, 29, AUG 05, 2023
FICTITIOUS BUSINESS NAME STATEMENT FILE NO. 2023-147047
The following person(s) is (are) doing business as: K.T.P TRUCKING TRANSPORTATION, 8761 DE SOTO AVE APT 159, CANOGA PARK, CA 91304. Full name of registrant(s) is (are) KEYAN TRAVON PITTMAN. This Business is conducted by: AN INDIVIDUAL. Signed: KEYAN TRAVON PITTMAN. Publish: Mountain Views-News Dates Pub: JULY 15, 22, 29, AUG 05, 2023
FICTITIOUS BUSINESS NAME STATEMENT FILE NO. 2023-150466
The following person(s) is (are) doing business as: RAUL'S AUTO DETAIL & CARWASH, 4726 1/2 ELIZABETH ST, CUDAHY, CA 90201. Full name of registrant(s) is (are) RAUL RADDA VALENCIA. This Business is conducted by: AN INDIVIDUAL. Signed: RAUL RADDA VALENCIA. Publish: Mountain Views-News Dates Pub: JULY 15, 22, 29, AUG 05, 2023
FICTITIOUS BUSINESS NAME STATEMENT FILE NO. 2023-152956
The following person(s) is (are) doing business as: ROYALTY RENOVATIONS, 3023 ALMOND VALLEY WAY, LANCASTER, CA 93536. Full name of registrant(s) is (are) WENDY ANTUNEZ LOPEZ. This Business is conducted by: AN INDIVIDUAL. Signed: WENDY ANTUNEZ LOPEZ/OWNER. Publish: Mountain Views-News Dates Pub: JULY 15, 22, 29, AUG 05, 2023
FICTITIOUS BUSINESS NAME STATEMENT FILE NO. 2023-144057
The following person(s) is (are) doing business as: SUNNI MARKET, 3857 FADDEN PL, BALDWIN PARK, CA 91706. Full name of registrant(s) is (are) WUNNA ZAW. This Business is conducted by: AN INDIVIDUAL. Signed: WUNNA ZAW/OWNER. Publish: Mountain Views-News Dates Pub: JULY 15, 22, 29, AUG 05, 2023
FICTITIOUS BUSINESS NAME STATEMENT FILE NO. 2023-149136
The following person(s) is (are) doing business as: TAPIA FOODS, 2716 E VAN BUREN ST, CARSON, CA 90810. Full name of registrant(s) is (are) ALEJANDRO TAPIA SANCHEZ. This Business is conducted by: AN INDIVIDUAL. Signed: ALEJANDRO TAPIA SANCHEZ/OWNER. Publish: Mountain Views-News Dates Pub: JULY 15, 22, 29, AUG 05, 2023
FICTITIOUS BUSINESS NAME STATEMENT FILE NO. 2023-148099
The following person(s) is (are) doing business as: TEXTILES Y ACCESORIOS, 11919 SANTA GERTRUDES AVE, WHITTIER, CA 90604. Full name of registrant(s) is (are) RAMON GALLEGOS RAMIREZ. This Business is conducted by: AN INDIVIDUAL. Signed: RAMON GALLEGOS RAMIREZ/OWNER. Publish: Mountain Views-News Dates Pub: JULY 15, 22, 29, AUG 05, 2023
FICTITIOUS BUSINESS NAME STATEMENT FILE NO. 2023-148583
The following person(s) is (are) doing business as: WELLS FARGO GLOBAL FINANCIAL ENGINEERING, 3S GRAND AVE ST, LOS ANGELES, CA 90071. Full name of registrant(s) is (are) LEUCHNER, 2550 LEUCHNER DR. This Business is conducted by: A CORPORATION. Signed: HUBERT D LEUCHNER. Publish: Mountain Views-News Dates Pub: JULY 15, 22, 29, AUG 05, 2023
Mountain Views News 80 W Sierra Madre Blvd. No. 327 Sierra Madre, Ca. 91024 Office: 626.355.2737 Fax: 626.609.3285 Email: editor@mtnviewsnews.com Website: www.mtnviewsnews.com
